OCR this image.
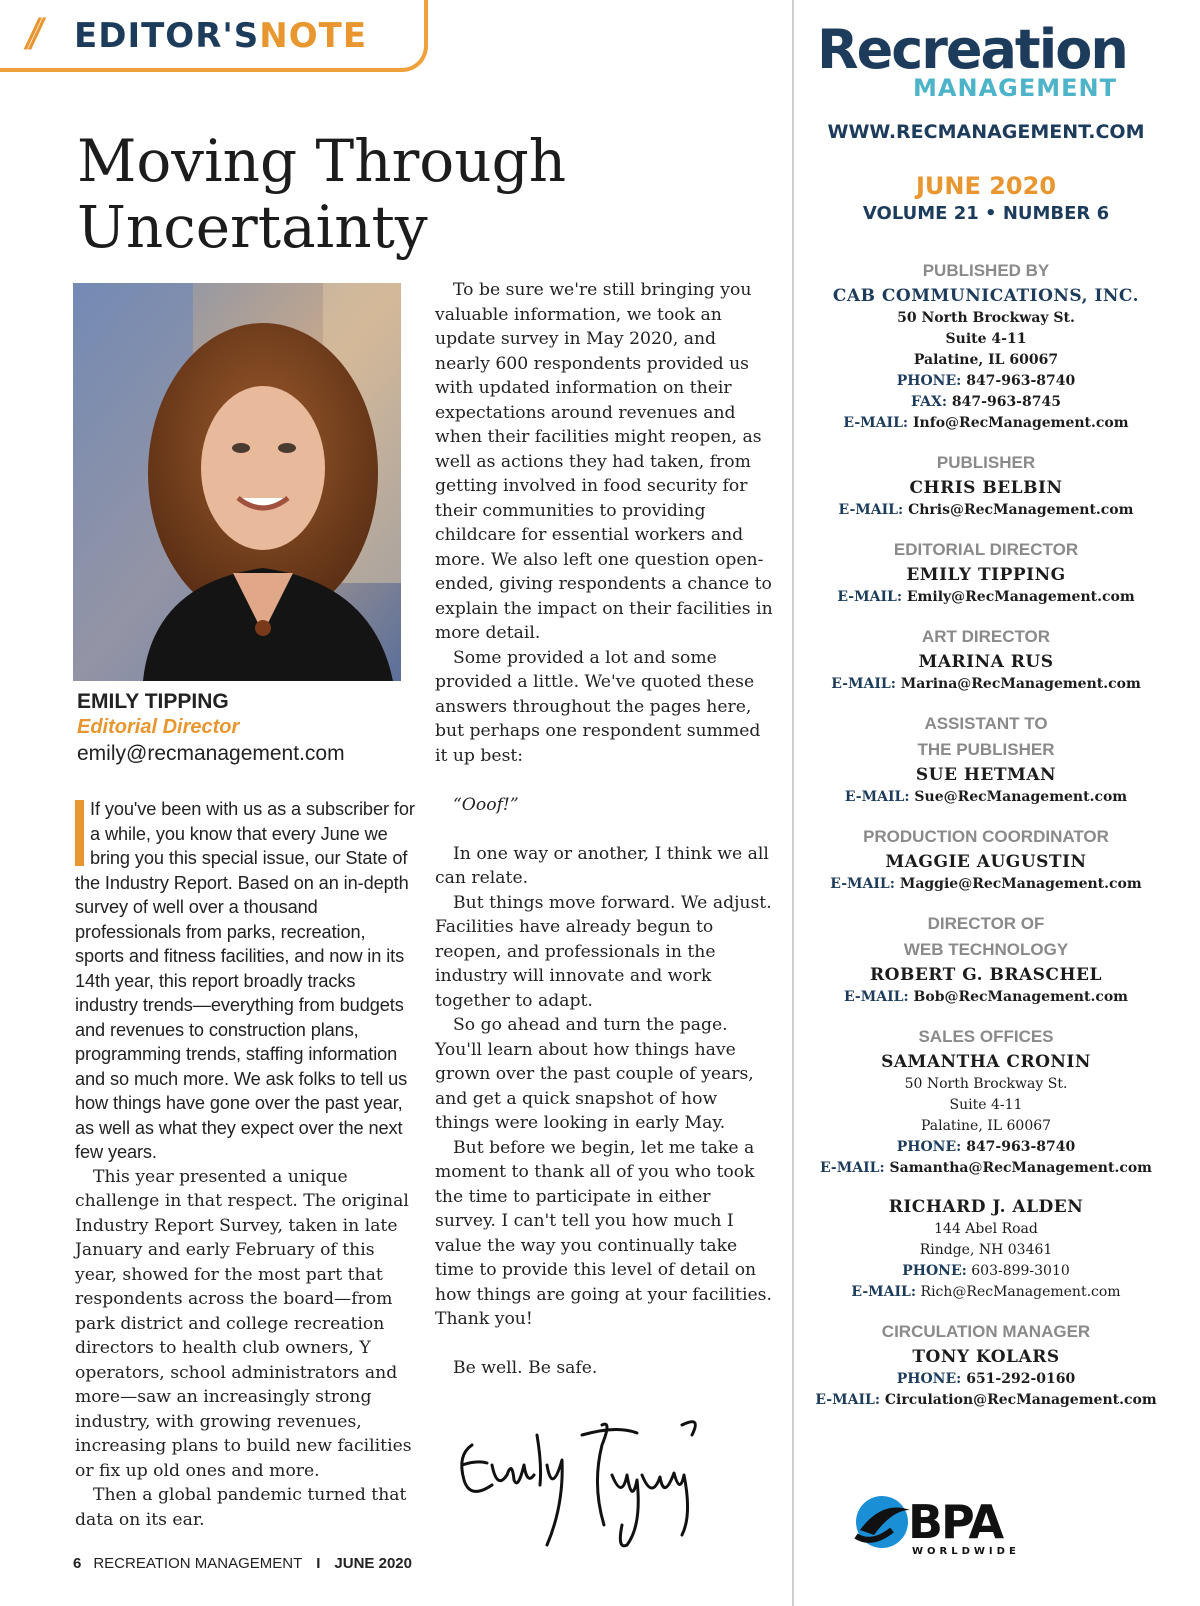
// EDITOR'SNOTE
Moving Through Uncertainty
EMILY TIPPING
Editorial Director
emily@recmanagement.com

If you've been with us as a subscriber for a while, you know that every June we bring you this special issue, our State of the Industry Report. Based on an in-depth survey of well over a thousand professionals from parks, recreation, sports and fitness facilities, and now in its 14th year, this report broadly tracks industry trends—everything from budgets and revenues to construction plans, programming trends, staffing information and so much more. We ask folks to tell us how things have gone over the past year, as well as what they expect over the next few years.

This year presented a unique challenge in that respect. The original Industry Report Survey, taken in late January and early February of this year, showed for the most part that respondents across the board—from park district and college recreation directors to health club owners, Y operators, school administrators and more—saw an increasingly strong industry, with growing revenues, increasing plans to build new facilities or fix up old ones and more.

Then a global pandemic turned that data on its ear.

To be sure we're still bringing you valuable information, we took an update survey in May 2020, and nearly 600 respondents provided us with updated information on their expectations around revenues and when their facilities might reopen, as well as actions they had taken, from getting involved in food security for their communities to providing childcare for essential workers and more. We also left one question open-ended, giving respondents a chance to explain the impact on their facilities in more detail.

Some provided a lot and some provided a little. We've quoted these answers throughout the pages here, but perhaps one respondent summed it up best:

“Ooof!”

In one way or another, I think we all can relate.

But things move forward. We adjust. Facilities have already begun to reopen, and professionals in the industry will innovate and work together to adapt.

So go ahead and turn the page. You'll learn about how things have grown over the past couple of years, and get a quick snapshot of how things were looking in early May.

But before we begin, let me take a moment to thank all of you who took the time to participate in either survey. I can't tell you how much I value the way you continually take time to provide this level of detail on how things are going at your facilities. Thank you!

Be well. Be safe.

6 RECREATION MANAGEMENT I JUNE 2020
Recreation
MANAGEMENT
WWW.RECMANAGEMENT.COM
JUNE 2020
VOLUME 21 • NUMBER 6
PUBLISHED BY
CAB COMMUNICATIONS, INC.
50 North Brockway St.
Suite 4-11
Palatine, IL 60067
PHONE: 847-963-8740
FAX: 847-963-8745
E-MAIL: Info@RecManagement.com
PUBLISHER
CHRIS BELBIN
E-MAIL: Chris@RecManagement.com
EDITORIAL DIRECTOR
EMILY TIPPING
E-MAIL: Emily@RecManagement.com
ART DIRECTOR
MARINA RUS
E-MAIL: Marina@RecManagement.com
ASSISTANT TO
THE PUBLISHER
SUE HETMAN
E-MAIL: Sue@RecManagement.com
PRODUCTION COORDINATOR
MAGGIE AUGUSTIN
E-MAIL: Maggie@RecManagement.com
DIRECTOR OF
WEB TECHNOLOGY
ROBERT G. BRASCHEL
E-MAIL: Bob@RecManagement.com
SALES OFFICES
SAMANTHA CRONIN
50 North Brockway St.
Suite 4-11
Palatine, IL 60067
PHONE: 847-963-8740
E-MAIL: Samantha@RecManagement.com
RICHARD J. ALDEN
144 Abel Road
Rindge, NH 03461
PHONE: 603-899-3010
E-MAIL: Rich@RecManagement.com
CIRCULATION MANAGER
TONY KOLARS
PHONE: 651-292-0160
E-MAIL: Circulation@RecManagement.com
BPA
WORLDWIDE
